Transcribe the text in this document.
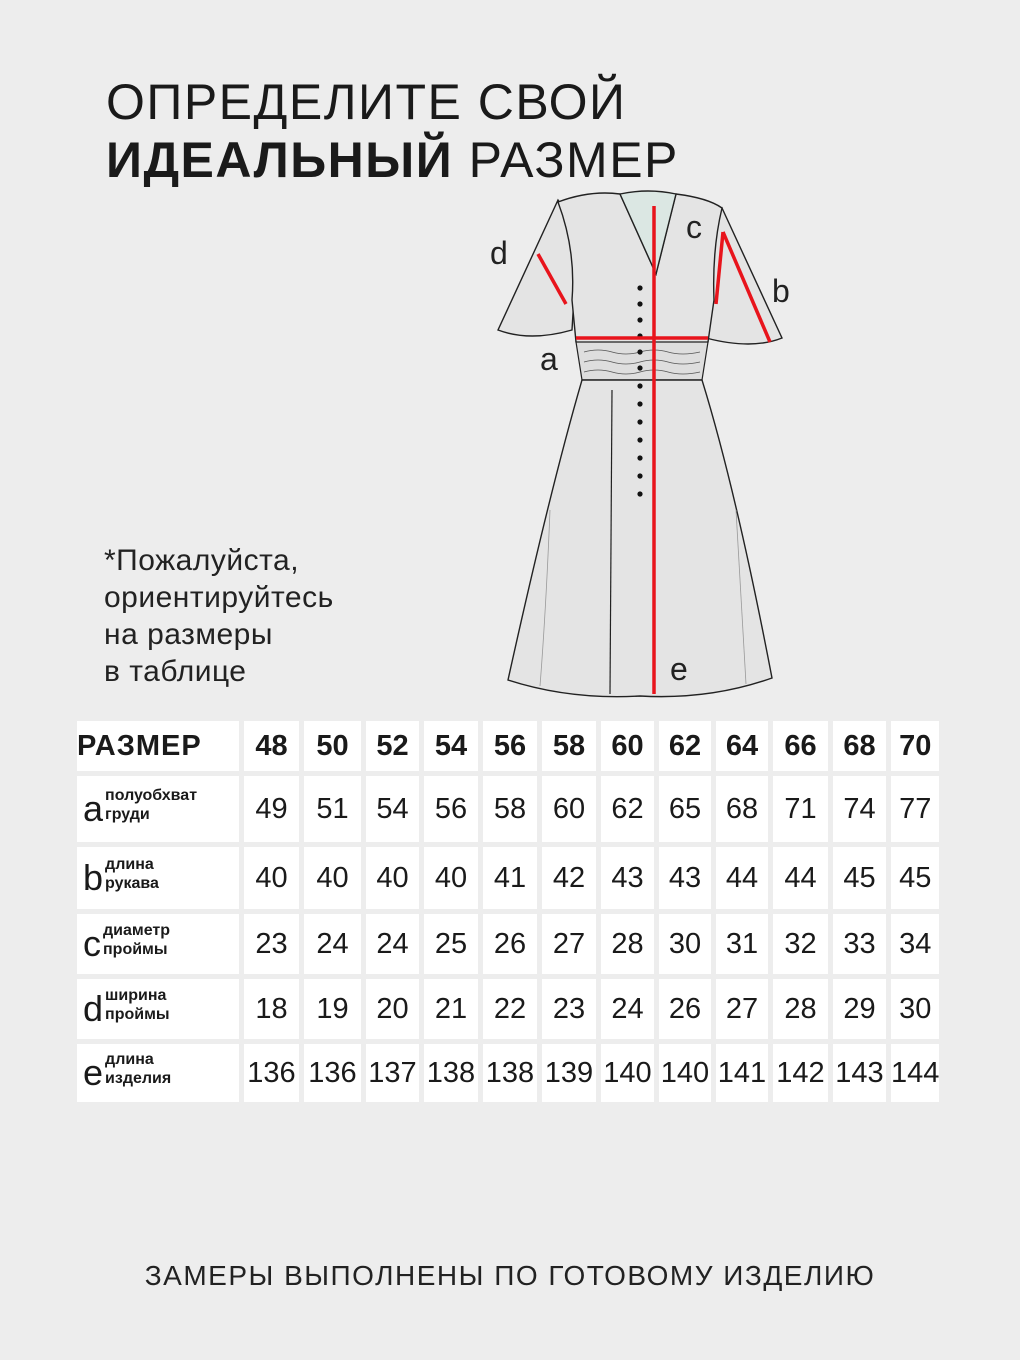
ОПРЕДЕЛИТЕ СВОЙ
ИДЕАЛЬНЫЙ РАЗМЕР
*Пожалуйста,
ориентируйтесь
на размеры
в таблице
d
c
b
a
e
РАЗМЕР	48	50	52	54	56	58	60	62	64	66	68	70

a полуобхват
груди	49	51	54	56	58	60	62	65	68	71	74	77

b длина
рукава	40	40	40	40	41	42	43	43	44	44	45	45

c диаметр
проймы	23	24	24	25	26	27	28	30	31	32	33	34

d ширина
проймы	18	19	20	21	22	23	24	26	27	28	29	30

e длина
изделия	136	136	137	138	138	139	140	140	141	142	143	144
ЗАМЕРЫ ВЫПОЛНЕНЫ ПО ГОТОВОМУ ИЗДЕЛИЮ
